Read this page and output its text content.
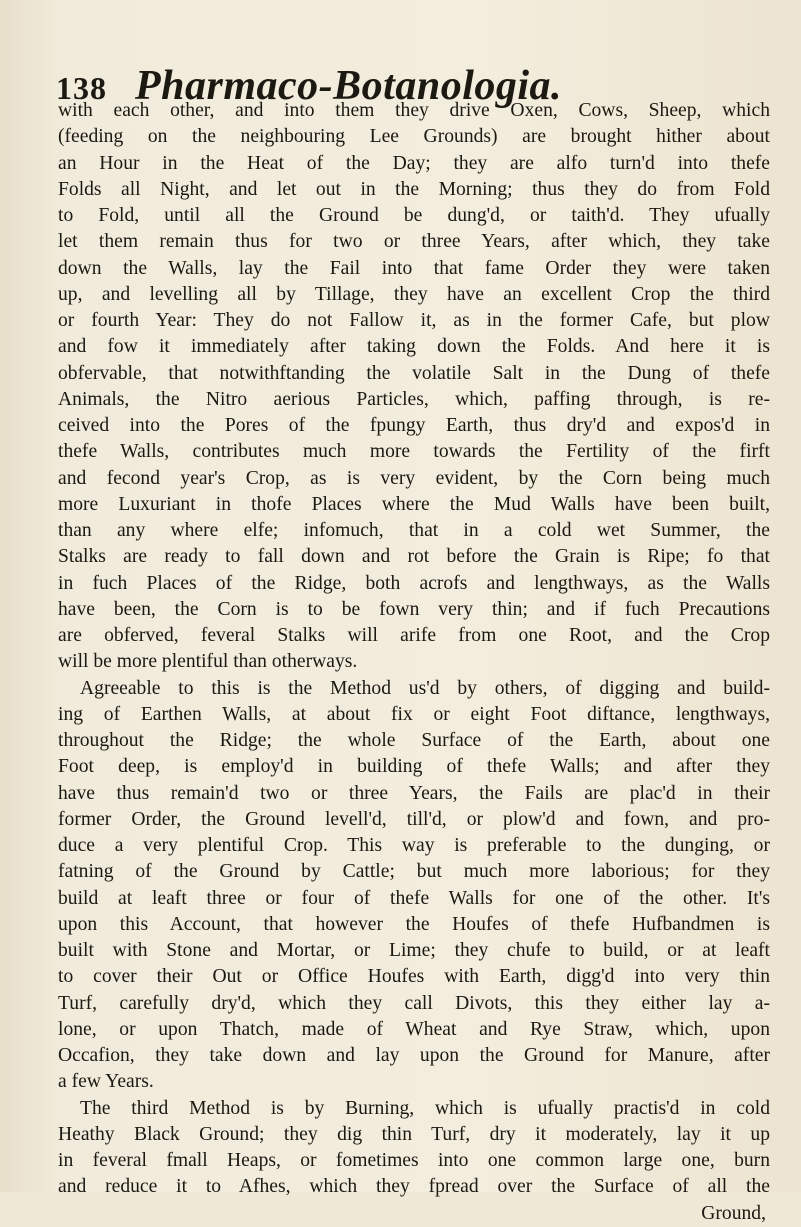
138 Pharmaco-Botanologia.
with each other, and into them they drive Oxen, Cows, Sheep, which
(feeding on the neighbouring Lee Grounds) are brought hither about
an Hour in the Heat of the Day; they are alfo turn'd into thefe
Folds all Night, and let out in the Morning; thus they do from Fold
to Fold, until all the Ground be dung'd, or taith'd. They ufually
let them remain thus for two or three Years, after which, they take
down the Walls, lay the Fail into that fame Order they were taken
up, and levelling all by Tillage, they have an excellent Crop the third
or fourth Year: They do not Fallow it, as in the former Cafe, but plow
and fow it immediately after taking down the Folds. And here it is
obfervable, that notwithftanding the volatile Salt in the Dung of thefe
Animals, the Nitro aerious Particles, which, paffing through, is re-
ceived into the Pores of the fpungy Earth, thus dry'd and expos'd in
thefe Walls, contributes much more towards the Fertility of the firft
and fecond year's Crop, as is very evident, by the Corn being much
more Luxuriant in thofe Places where the Mud Walls have been built,
than any where elfe; infomuch, that in a cold wet Summer, the
Stalks are ready to fall down and rot before the Grain is Ripe; fo that
in fuch Places of the Ridge, both acrofs and lengthways, as the Walls
have been, the Corn is to be fown very thin; and if fuch Precautions
are obferved, feveral Stalks will arife from one Root, and the Crop
will be more plentiful than otherways.
Agreeable to this is the Method us'd by others, of digging and build-
ing of Earthen Walls, at about fix or eight Foot diftance, lengthways,
throughout the Ridge; the whole Surface of the Earth, about one
Foot deep, is employ'd in building of thefe Walls; and after they
have thus remain'd two or three Years, the Fails are plac'd in their
former Order, the Ground levell'd, till'd, or plow'd and fown, and pro-
duce a very plentiful Crop. This way is preferable to the dunging, or
fatning of the Ground by Cattle; but much more laborious; for they
build at leaft three or four of thefe Walls for one of the other. It's
upon this Account, that however the Houfes of thefe Hufbandmen is
built with Stone and Mortar, or Lime; they chufe to build, or at leaft
to cover their Out or Office Houfes with Earth, digg'd into very thin
Turf, carefully dry'd, which they call Divots, this they either lay a-
lone, or upon Thatch, made of Wheat and Rye Straw, which, upon
Occafion, they take down and lay upon the Ground for Manure, after
a few Years.
The third Method is by Burning, which is ufually practis'd in cold
Heathy Black Ground; they dig thin Turf, dry it moderately, lay it up
in feveral fmall Heaps, or fometimes into one common large one, burn
and reduce it to Afhes, which they fpread over the Surface of all the
Ground,
